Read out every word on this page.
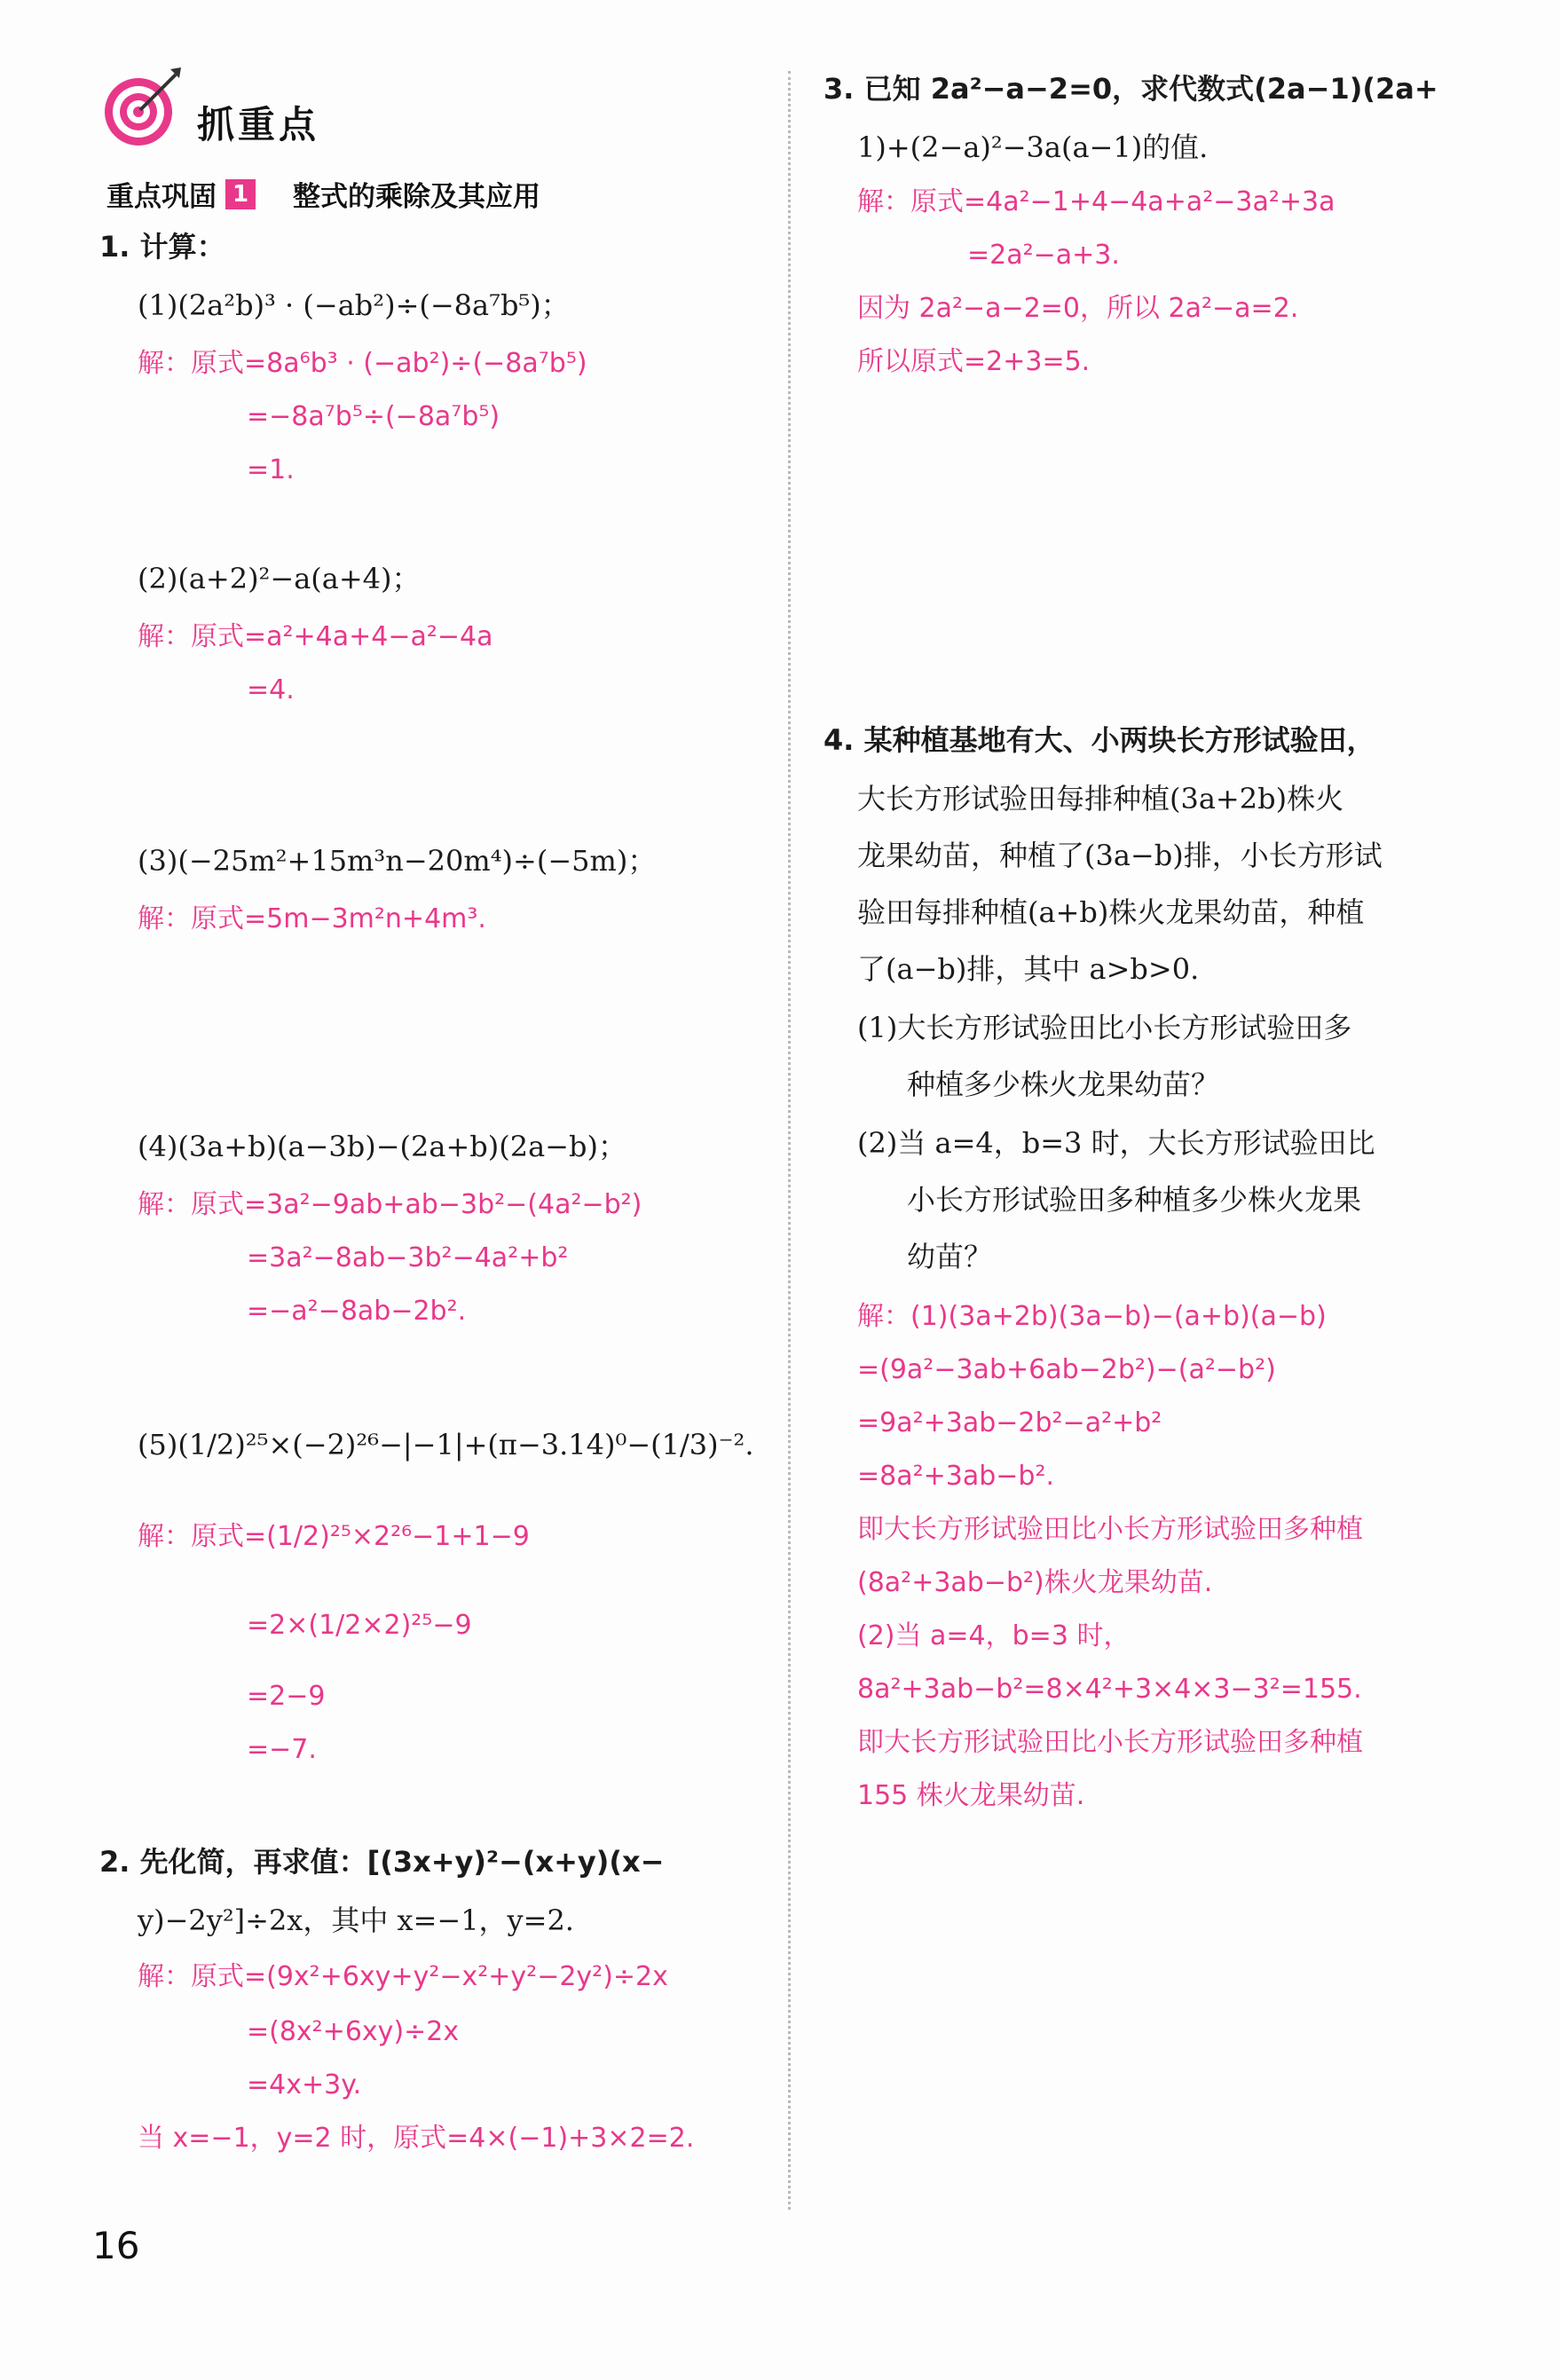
抓重点
重点巩固 1 整式的乘除及其应用
1. 计算：
(1)(2a²b)³ · (−ab²)÷(−8a⁷b⁵)；
解：原式=8a⁶b³ · (−ab²)÷(−8a⁷b⁵)
=−8a⁷b⁵÷(−8a⁷b⁵)
=1.
(2)(a+2)²−a(a+4)；
解：原式=a²+4a+4−a²−4a
=4.
(3)(−25m²+15m³n−20m⁴)÷(−5m)；
解：原式=5m−3m²n+4m³.
(4)(3a+b)(a−3b)−(2a+b)(2a−b)；
解：原式=3a²−9ab+ab−3b²−(4a²−b²)
=3a²−8ab−3b²−4a²+b²
=−a²−8ab−2b².
(5)(1/2)²⁵×(−2)²⁶−|−1|+(π−3.14)⁰−(1/3)⁻².
解：原式=(1/2)²⁵×2²⁶−1+1−9
=2×(1/2×2)²⁵−9
=2−9
=−7.
2. 先化简，再求值：[(3x+y)²−(x+y)(x−
y)−2y²]÷2x，其中 x=−1，y=2.
解：原式=(9x²+6xy+y²−x²+y²−2y²)÷2x
=(8x²+6xy)÷2x
=4x+3y.
当 x=−1，y=2 时，原式=4×(−1)+3×2=2.
3. 已知 2a²−a−2=0，求代数式(2a−1)(2a+
1)+(2−a)²−3a(a−1)的值.
解：原式=4a²−1+4−4a+a²−3a²+3a
=2a²−a+3.
因为 2a²−a−2=0，所以 2a²−a=2.
所以原式=2+3=5.
4. 某种植基地有大、小两块长方形试验田，
大长方形试验田每排种植(3a+2b)株火
龙果幼苗，种植了(3a−b)排，小长方形试
验田每排种植(a+b)株火龙果幼苗，种植
了(a−b)排，其中 a>b>0.
(1)大长方形试验田比小长方形试验田多
种植多少株火龙果幼苗？
(2)当 a=4，b=3 时，大长方形试验田比
小长方形试验田多种植多少株火龙果
幼苗？
解：(1)(3a+2b)(3a−b)−(a+b)(a−b)
=(9a²−3ab+6ab−2b²)−(a²−b²)
=9a²+3ab−2b²−a²+b²
=8a²+3ab−b².
即大长方形试验田比小长方形试验田多种植
(8a²+3ab−b²)株火龙果幼苗.
(2)当 a=4，b=3 时，
8a²+3ab−b²=8×4²+3×4×3−3²=155.
即大长方形试验田比小长方形试验田多种植
155 株火龙果幼苗.
16
